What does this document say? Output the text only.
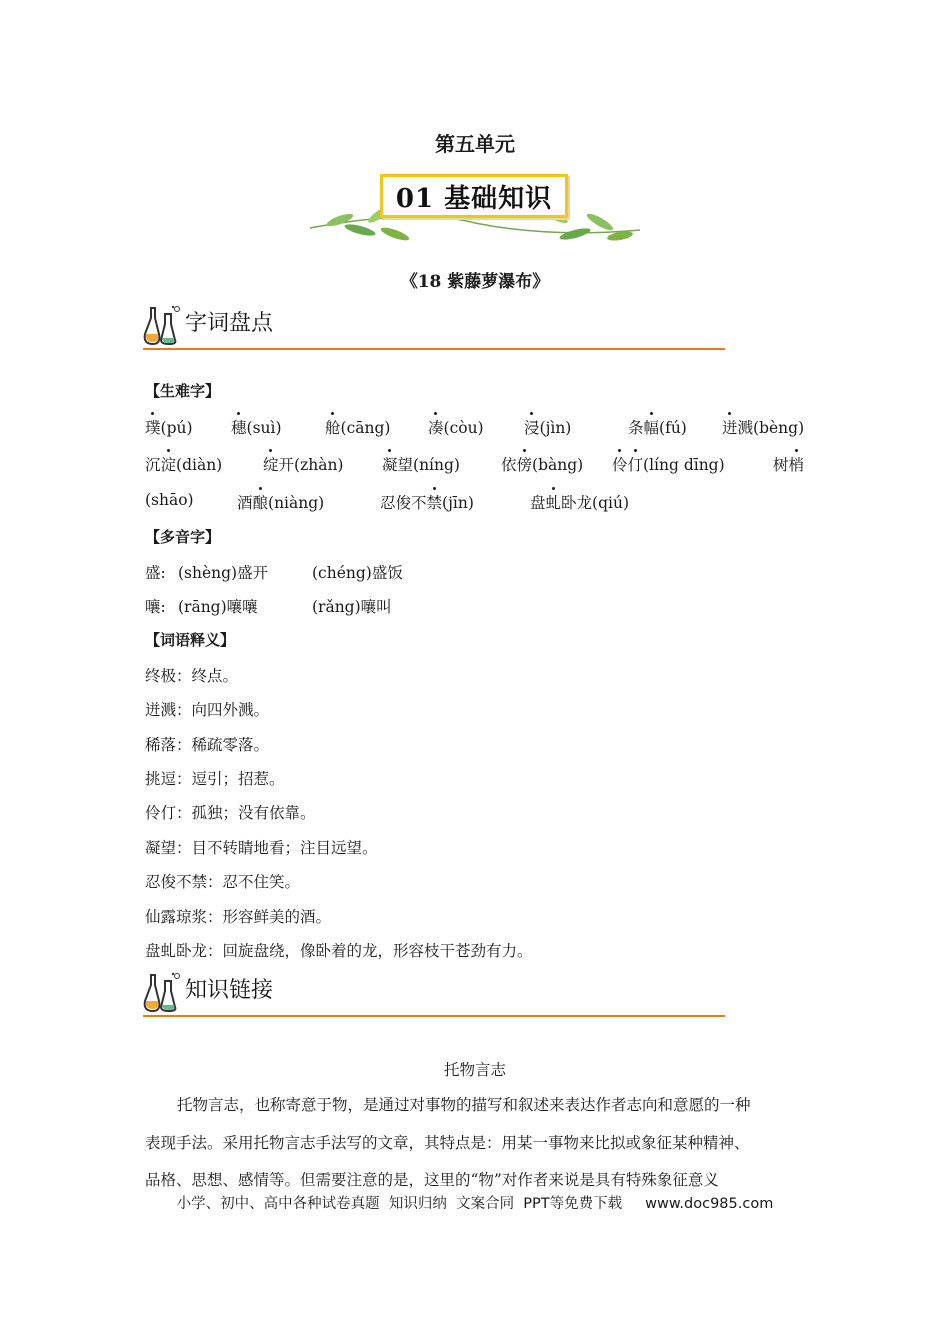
第五单元
01 基础知识
《18 紫藤萝瀑布》
字词盘点
【生难字】
璞(pú) 穗(suì)	舱(cāng) 凑(còu)	浸(jìn)	条幅(fú) 迸溅(bèng)
沉淀(diàn)	绽开(zhàn) 凝望(níng)	依傍(bàng) 伶仃(líng dīng)	树梢
(shāo)	酒酿(niàng)	忍俊不禁(jīn)	盘虬卧龙(qiú)
【多音字】
盛: (shèng)盛开	(chéng)盛饭
嚷: (rāng)嚷嚷	(rǎng)嚷叫
【词语释义】
终极：终点。
迸溅：向四外溅。
稀落：稀疏零落。
挑逗：逗引；招惹。
伶仃：孤独；没有依靠。
凝望：目不转睛地看；注目远望。
忍俊不禁：忍不住笑。
仙露琼浆：形容鲜美的酒。
盘虬卧龙：回旋盘绕，像卧着的龙，形容枝干苍劲有力。
知识链接
托物言志
托物言志，也称寄意于物，是通过对事物的描写和叙述来表达作者志向和意愿的一种
表现手法。采用托物言志手法写的文章，其特点是：用某一事物来比拟或象征某种精神、
品格、思想、感情等。但需要注意的是，这里的“物”对作者来说是具有特殊象征意义
小学、初中、高中各种试卷真题  知识归纳  文案合同  PPT等免费下载     www.doc985.com
